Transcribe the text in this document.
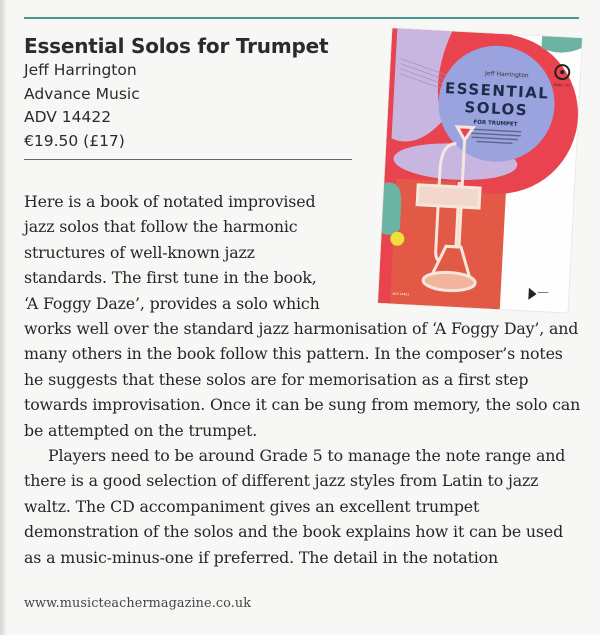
Essential Solos for Trumpet
Jeff Harrington
Advance Music
ADV 14422
€19.50 (£17)
Jeff Harrington
ESSENTIAL
SOLOS
FOR TRUMPET
BOOK / CD
ADV 14422

Here is a book of notated improvised
jazz solos that follow the harmonic
structures of well-known jazz
standards. The first tune in the book,
‘A Foggy Daze’, provides a solo which

works well over the standard jazz harmonisation of ‘A Foggy Day’, and many others in the book follow this pattern. In the composer’s notes he suggests that these solos are for memorisation as a first step towards improvisation. Once it can be sung from memory, the solo can be attempted on the trumpet.

Players need to be around Grade 5 to manage the note range and there is a good selection of different jazz styles from Latin to jazz waltz. The CD accompaniment gives an excellent trumpet demonstration of the solos and the book explains how it can be used as a music-minus-one if preferred. The detail in the notation

www.musicteachermagazine.co.uk
